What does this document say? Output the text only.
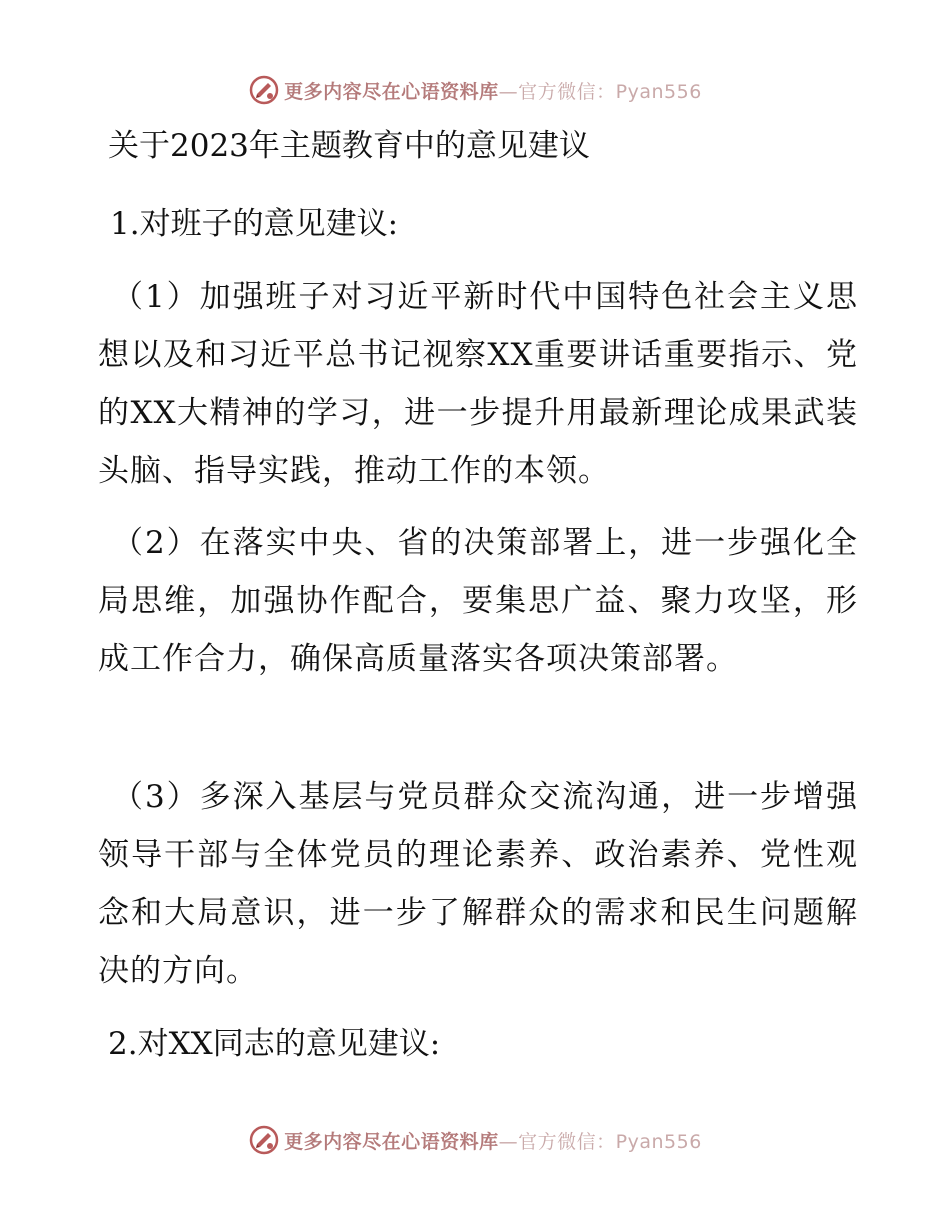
更多内容尽在心语资料库—官方微信：Pyan556
关于2023年主题教育中的意见建议

1.对班子的意见建议:

（1）加强班子对习近平新时代中国特色社会主义思想以及和习近平总书记视察XX重要讲话重要指示、党的XX大精神的学习，进一步提升用最新理论成果武装头脑、指导实践，推动工作的本领。

（2）在落实中央、省的决策部署上，进一步强化全局思维，加强协作配合，要集思广益、聚力攻坚，形成工作合力，确保高质量落实各项决策部署。

（3）多深入基层与党员群众交流沟通，进一步增强领导干部与全体党员的理论素养、政治素养、党性观念和大局意识，进一步了解群众的需求和民生问题解决的方向。

2.对XX同志的意见建议:

更多内容尽在心语资料库—官方微信：Pyan556
